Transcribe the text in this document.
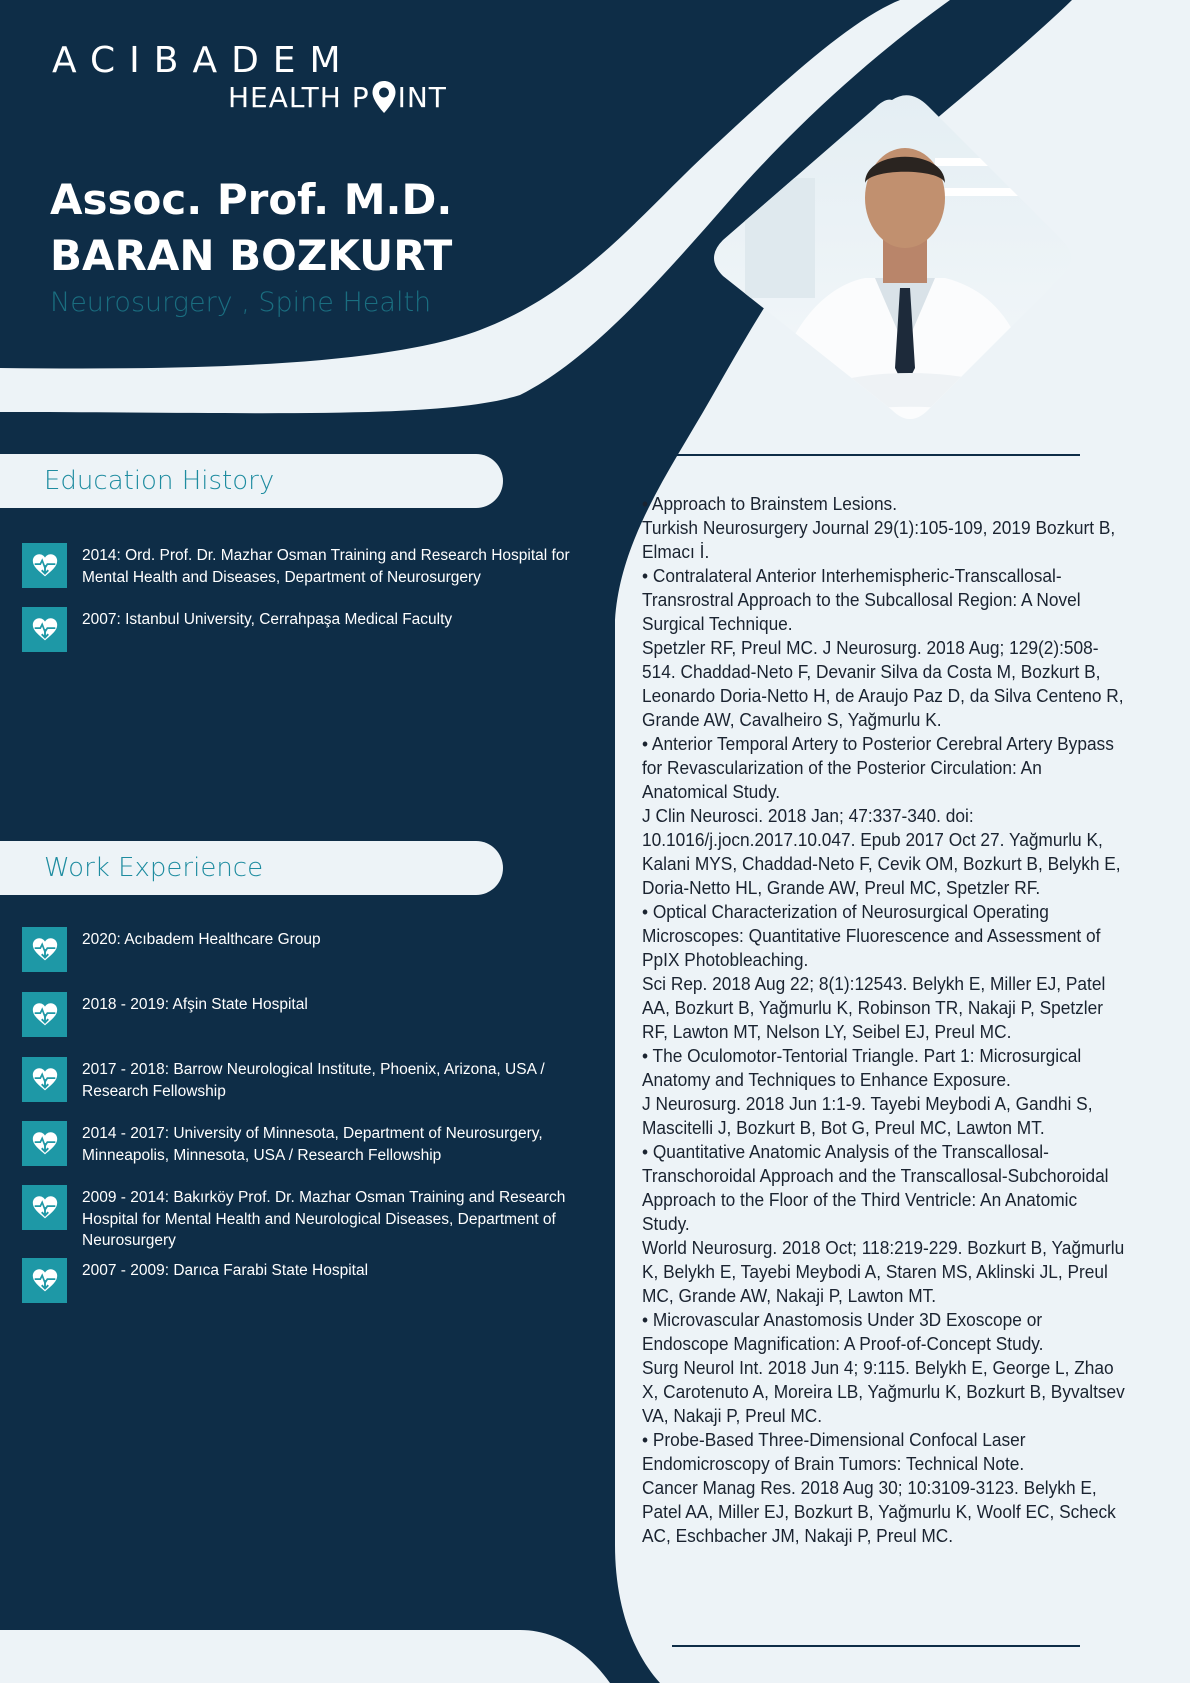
ACIBADEM
HEALTH P INT
Assoc. Prof. M.D.
BARAN BOZKURT
Neurosurgery , Spine Health
Education History
2014: Ord. Prof. Dr. Mazhar Osman Training and Research Hospital for Mental Health and Diseases, Department of Neurosurgery
2007: Istanbul University, Cerrahpaşa Medical Faculty
Work Experience
2020: Acıbadem Healthcare Group
2018 - 2019: Afşin State Hospital
2017 - 2018: Barrow Neurological Institute, Phoenix, Arizona, USA / Research Fellowship
2014 - 2017: University of Minnesota, Department of Neurosurgery, Minneapolis, Minnesota, USA / Research Fellowship
2009 - 2014: Bakırköy Prof. Dr. Mazhar Osman Training and Research Hospital for Mental Health and Neurological Diseases, Department of Neurosurgery
2007 - 2009: Darıca Farabi State Hospital

• Approach to Brainstem Lesions.

Turkish Neurosurgery Journal 29(1):105-109, 2019 Bozkurt B, Elmacı İ.

• Contralateral Anterior Interhemispheric-Transcallosal-Transrostral Approach to the Subcallosal Region: A Novel Surgical Technique.

Spetzler RF, Preul MC. J Neurosurg. 2018 Aug; 129(2):508-514. Chaddad-Neto F, Devanir Silva da Costa M, Bozkurt B, Leonardo Doria-Netto H, de Araujo Paz D, da Silva Centeno R, Grande AW, Cavalheiro S, Yağmurlu K.

• Anterior Temporal Artery to Posterior Cerebral Artery Bypass for Revascularization of the Posterior Circulation: An Anatomical Study.

J Clin Neurosci. 2018 Jan; 47:337-340. doi: 10.1016/j.jocn.2017.10.047. Epub 2017 Oct 27. Yağmurlu K, Kalani MYS, Chaddad-Neto F, Cevik OM, Bozkurt B, Belykh E, Doria-Netto HL, Grande AW, Preul MC, Spetzler RF.

• Optical Characterization of Neurosurgical Operating Microscopes: Quantitative Fluorescence and Assessment of PpIX Photobleaching.

Sci Rep. 2018 Aug 22; 8(1):12543. Belykh E, Miller EJ, Patel AA, Bozkurt B, Yağmurlu K, Robinson TR, Nakaji P, Spetzler RF, Lawton MT, Nelson LY, Seibel EJ, Preul MC.

• The Oculomotor-Tentorial Triangle. Part 1: Microsurgical Anatomy and Techniques to Enhance Exposure.

J Neurosurg. 2018 Jun 1:1-9. Tayebi Meybodi A, Gandhi S, Mascitelli J, Bozkurt B, Bot G, Preul MC, Lawton MT.

• Quantitative Anatomic Analysis of the Transcallosal-Transchoroidal Approach and the Transcallosal-Subchoroidal Approach to the Floor of the Third Ventricle: An Anatomic Study.

World Neurosurg. 2018 Oct; 118:219-229. Bozkurt B, Yağmurlu K, Belykh E, Tayebi Meybodi A, Staren MS, Aklinski JL, Preul MC, Grande AW, Nakaji P, Lawton MT.

• Microvascular Anastomosis Under 3D Exoscope or Endoscope Magnification: A Proof-of-Concept Study.

Surg Neurol Int. 2018 Jun 4; 9:115. Belykh E, George L, Zhao X, Carotenuto A, Moreira LB, Yağmurlu K, Bozkurt B, Byvaltsev VA, Nakaji P, Preul MC.

• Probe-Based Three-Dimensional Confocal Laser Endomicroscopy of Brain Tumors: Technical Note.

Cancer Manag Res. 2018 Aug 30; 10:3109-3123. Belykh E, Patel AA, Miller EJ, Bozkurt B, Yağmurlu K, Woolf EC, Scheck AC, Eschbacher JM, Nakaji P, Preul MC.
